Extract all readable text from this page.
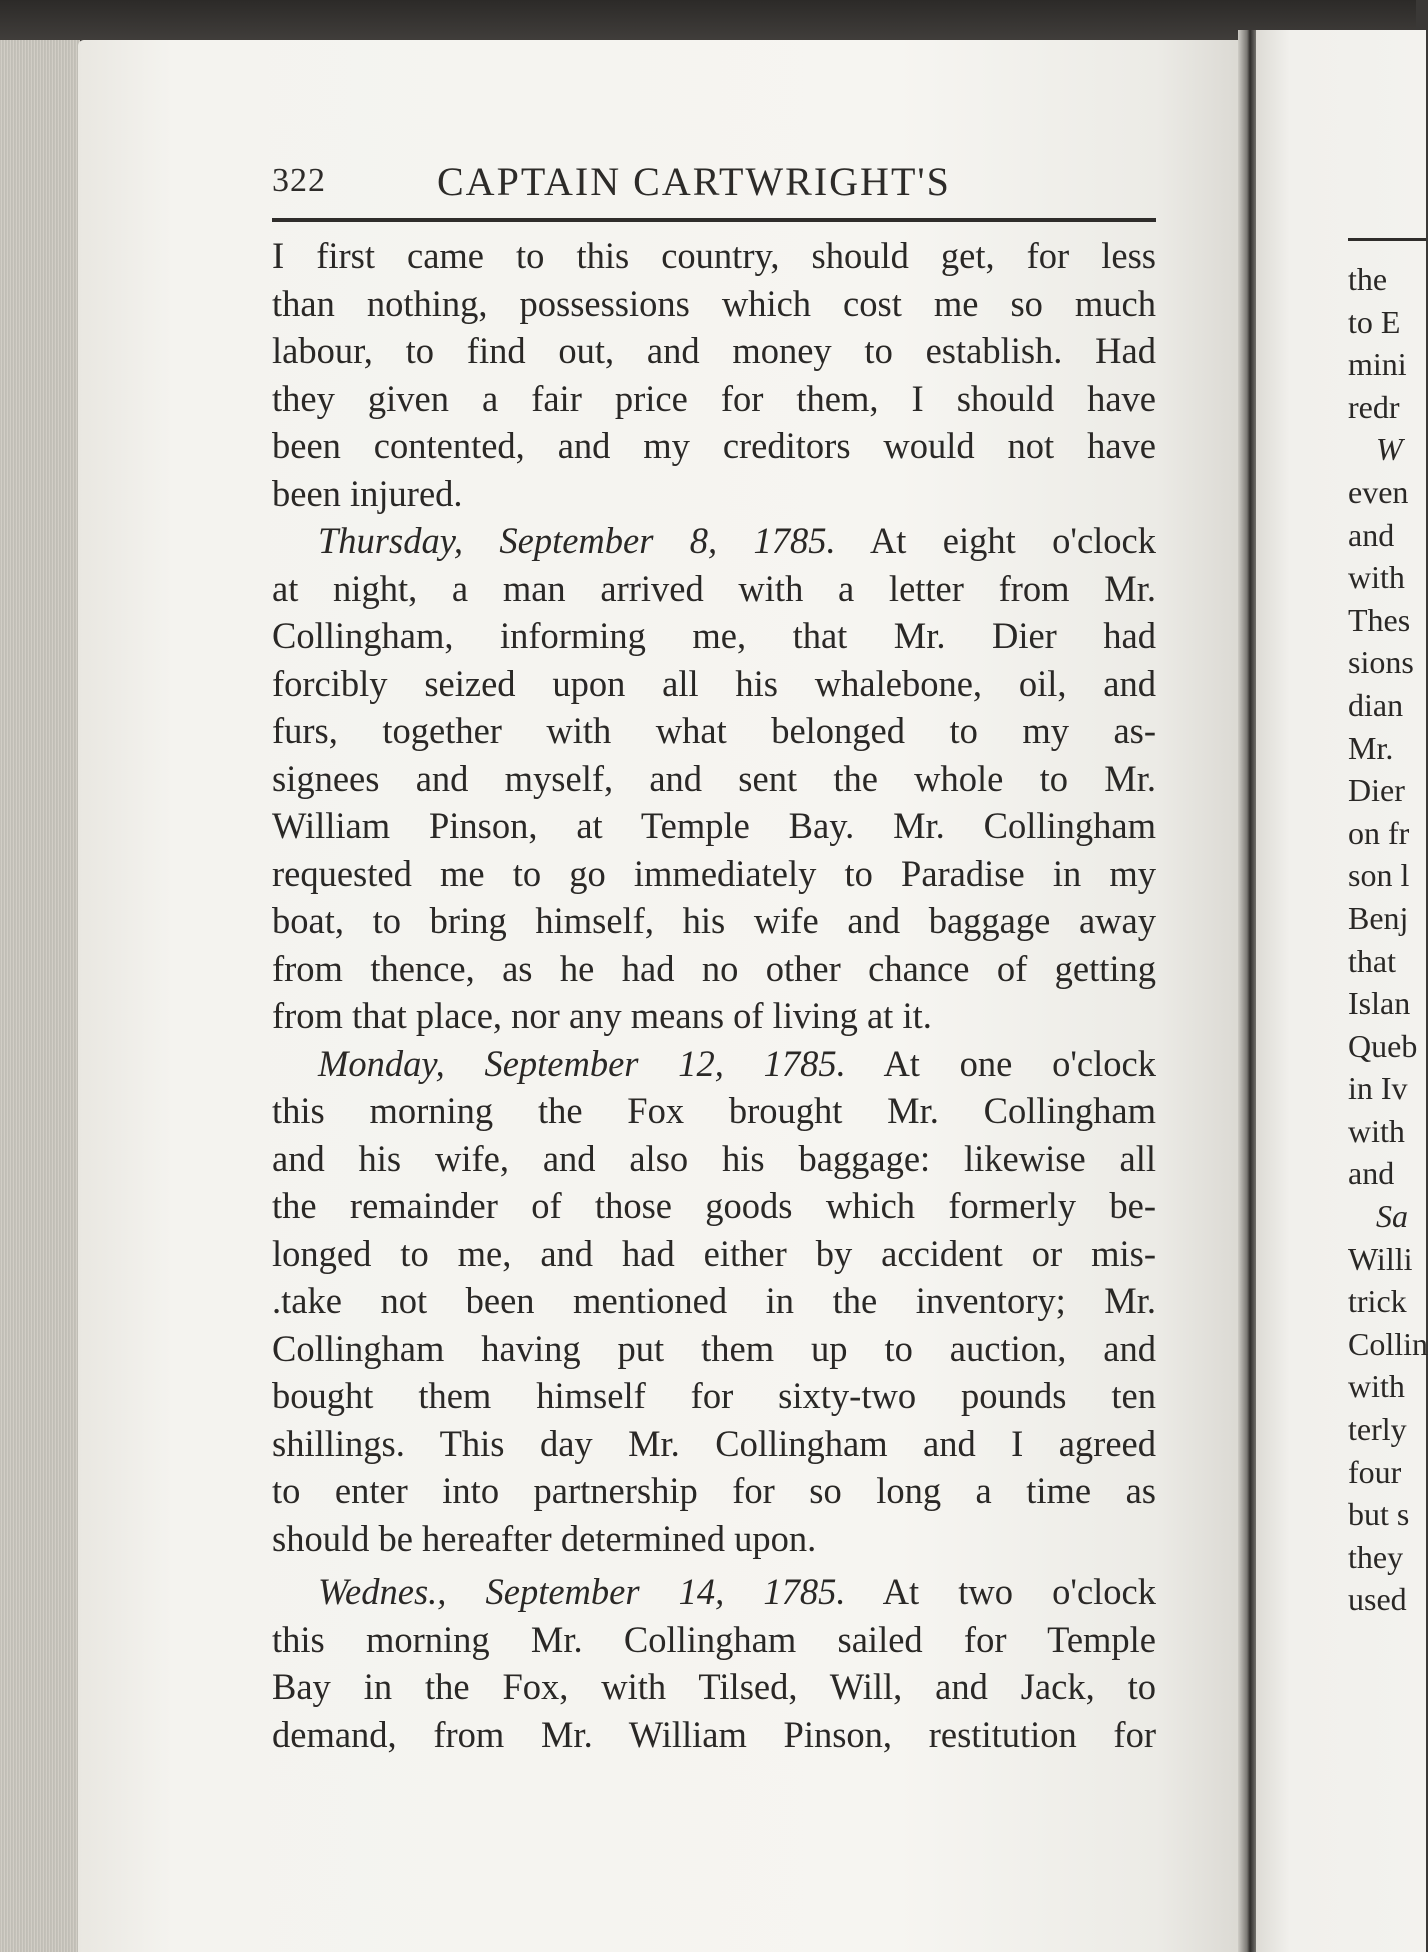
322	CAPTAIN CARTWRIGHT'S
I first came to this country, should get, for less
than nothing, possessions which cost me so much
labour, to find out, and money to establish. Had
they given a fair price for them, I should have
been contented, and my creditors would not have
been injured.
Thursday, September 8, 1785. At eight o'clock
at night, a man arrived with a letter from Mr.
Collingham, informing me, that Mr. Dier had
forcibly seized upon all his whalebone, oil, and
furs, together with what belonged to my as-
signees and myself, and sent the whole to Mr.
William Pinson, at Temple Bay. Mr. Collingham
requested me to go immediately to Paradise in my
boat, to bring himself, his wife and baggage away
from thence, as he had no other chance of getting
from that place, nor any means of living at it.
Monday, September 12, 1785. At one o'clock
this morning the Fox brought Mr. Collingham
and his wife, and also his baggage: likewise all
the remainder of those goods which formerly be-
longed to me, and had either by accident or mis-
.take not been mentioned in the inventory; Mr.
Collingham having put them up to auction, and
bought them himself for sixty-two pounds ten
shillings. This day Mr. Collingham and I agreed
to enter into partnership for so long a time as
should be hereafter determined upon.
Wednes., September 14, 1785. At two o'clock
this morning Mr. Collingham sailed for Temple
Bay in the Fox, with Tilsed, Will, and Jack, to
demand, from Mr. William Pinson, restitution for
the
to E
mini
redr
W
even
and
with
Thes
sions
dian
Mr.
Dier
on fr
son l
Benj
that
Islan
Queb
in Iv
with
and
Sa
Willi
trick
Collin
with
terly
four
but s
they
used
